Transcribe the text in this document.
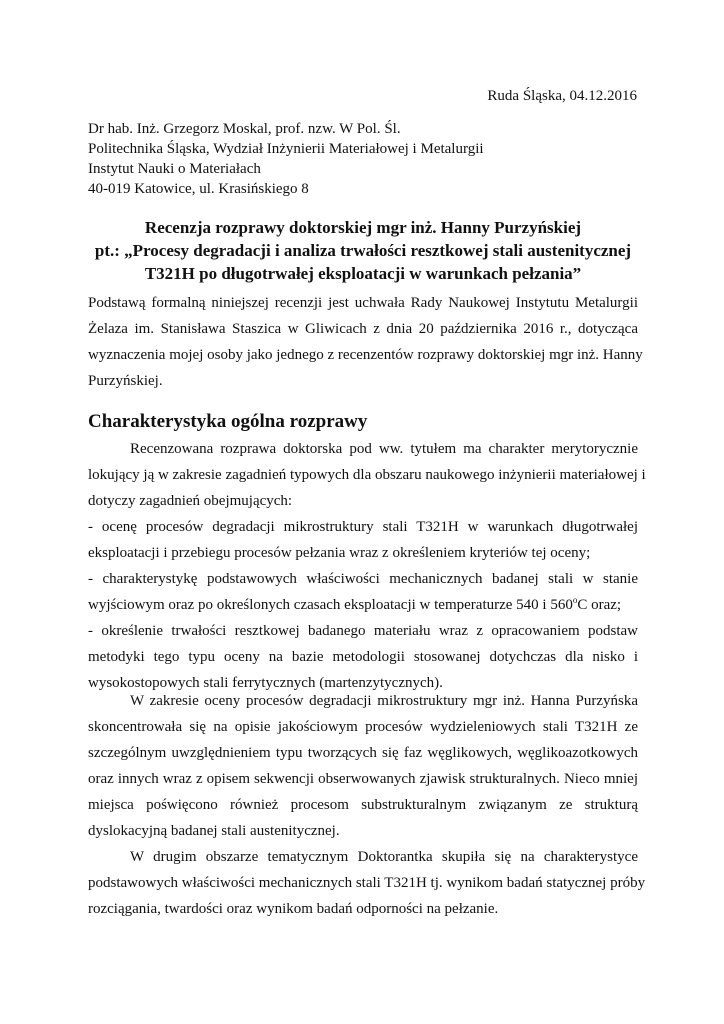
Ruda Śląska, 04.12.2016
Dr hab. Inż. Grzegorz Moskal, prof. nzw. W Pol. Śl.
Politechnika Śląska, Wydział Inżynierii Materiałowej i Metalurgii
Instytut Nauki o Materiałach
40-019 Katowice, ul. Krasińskiego 8
Recenzja rozprawy doktorskiej mgr inż. Hanny Purzyńskiej
pt.: „Procesy degradacji i analiza trwałości resztkowej stali austenitycznej
T321H po długotrwałej eksploatacji w warunkach pełzania”
Podstawą formalną niniejszej recenzji jest uchwała Rady Naukowej Instytutu Metalurgii
Żelaza im. Stanisława Staszica w Gliwicach z dnia 20 października 2016 r., dotycząca
wyznaczenia mojej osoby jako jednego z recenzentów rozprawy doktorskiej mgr inż. Hanny
Purzyńskiej.
Charakterystyka ogólna rozprawy
Recenzowana rozprawa doktorska pod ww. tytułem ma charakter merytorycznie
lokujący ją w zakresie zagadnień typowych dla obszaru naukowego inżynierii materiałowej i
dotyczy zagadnień obejmujących:
- ocenę procesów degradacji mikrostruktury stali T321H w warunkach długotrwałej
eksploatacji i przebiegu procesów pełzania wraz z określeniem kryteriów tej oceny;
- charakterystykę podstawowych właściwości mechanicznych badanej stali w stanie
wyjściowym oraz po określonych czasach eksploatacji w temperaturze 540 i 560$^o$C oraz;
- określenie trwałości resztkowej badanego materiału wraz z opracowaniem podstaw
metodyki tego typu oceny na bazie metodologii stosowanej dotychczas dla nisko i
wysokostopowych stali ferrytycznych (martenzytycznych).
W zakresie oceny procesów degradacji mikrostruktury mgr inż. Hanna Purzyńska
skoncentrowała się na opisie jakościowym procesów wydzieleniowych stali T321H ze
szczególnym uwzględnieniem typu tworzących się faz węglikowych, węglikoazotkowych
oraz innych wraz z opisem sekwencji obserwowanych zjawisk strukturalnych. Nieco mniej
miejsca poświęcono również procesom substrukturalnym związanym ze strukturą
dyslokacyjną badanej stali austenitycznej.
W drugim obszarze tematycznym Doktorantka skupiła się na charakterystyce
podstawowych właściwości mechanicznych stali T321H tj. wynikom badań statycznej próby
rozciągania, twardości oraz wynikom badań odporności na pełzanie.
